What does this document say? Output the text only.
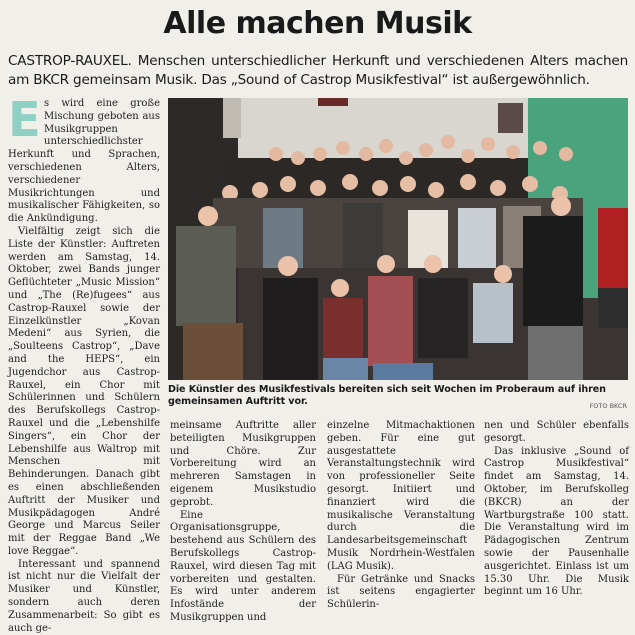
Alle machen Musik
CASTROP-RAUXEL. Menschen unterschiedlicher Herkunft und verschiedenen Alters machen am BKCR gemeinsam Musik. Das „Sound of Castrop Musikfestival“ ist außergewöhnlich.
E s wird eine große Mischung geboten aus Musikgruppen unterschiedlichster Herkunft und Sprachen, verschiedenen Alters, verschiedener Musikrichtungen und musikalischer Fähigkeiten, so die Ankündigung.

Vielfältig zeigt sich die Liste der Künstler: Auftreten werden am Samstag, 14. Oktober, zwei Bands junger Geflüchteter „Music Mission“ und „The (Re)fugees“ aus Castrop-Rauxel sowie der Einzelkünstler „Kovan Medeni“ aus Syrien, die „Soulteens Castrop“, „Dave and the HEPS“, ein Jugendchor aus Castrop-Rauxel, ein Chor mit Schülerinnen und Schülern des Berufskollegs Castrop-Rauxel und die „Lebenshilfe Singers“, ein Chor der Lebenshilfe aus Waltrop mit Menschen mit Behinderungen. Danach gibt es einen abschließenden Auftritt der Musiker und Musikpädagogen André George und Marcus Seiler mit der Reggae Band „We love Reggae“.

Interessant und spannend ist nicht nur die Vielfalt der Musiker und Künstler, sondern auch deren Zusammenarbeit: So gibt es auch ge-

Die Künstler des Musikfestivals bereiten sich seit Wochen im Proberaum auf ihren gemeinsamen Auftritt vor.	FOTO BKCR

meinsame Auftritte aller beteiligten Musikgruppen und Chöre. Zur Vorbereitung wird an mehreren Samstagen in eigenem Musikstudio geprobt.

Eine Organisationsgruppe, bestehend aus Schülern des Berufskollegs Castrop-Rauxel, wird diesen Tag mit vorbereiten und gestalten. Es wird unter anderem Infostände der Musikgruppen und

einzelne Mitmachaktionen geben. Für eine gut ausgestattete Veranstaltungstechnik wird von professioneller Seite gesorgt. Initiiert und finanziert wird die musikalische Veranstaltung durch die Landesarbeitsgemeinschaft Musik Nordrhein-Westfalen (LAG Musik).

Für Getränke und Snacks ist seitens engagierter Schülerin-

nen und Schüler ebenfalls gesorgt.

Das inklusive „Sound of Castrop Musikfestival“ findet am Samstag, 14. Oktober, im Berufskolleg (BKCR) an der Wartburgstraße 100 statt. Die Veranstaltung wird im Pädagogischen Zentrum sowie der Pausenhalle ausgerichtet. Einlass ist um 15.30 Uhr. Die Musik beginnt um 16 Uhr.
